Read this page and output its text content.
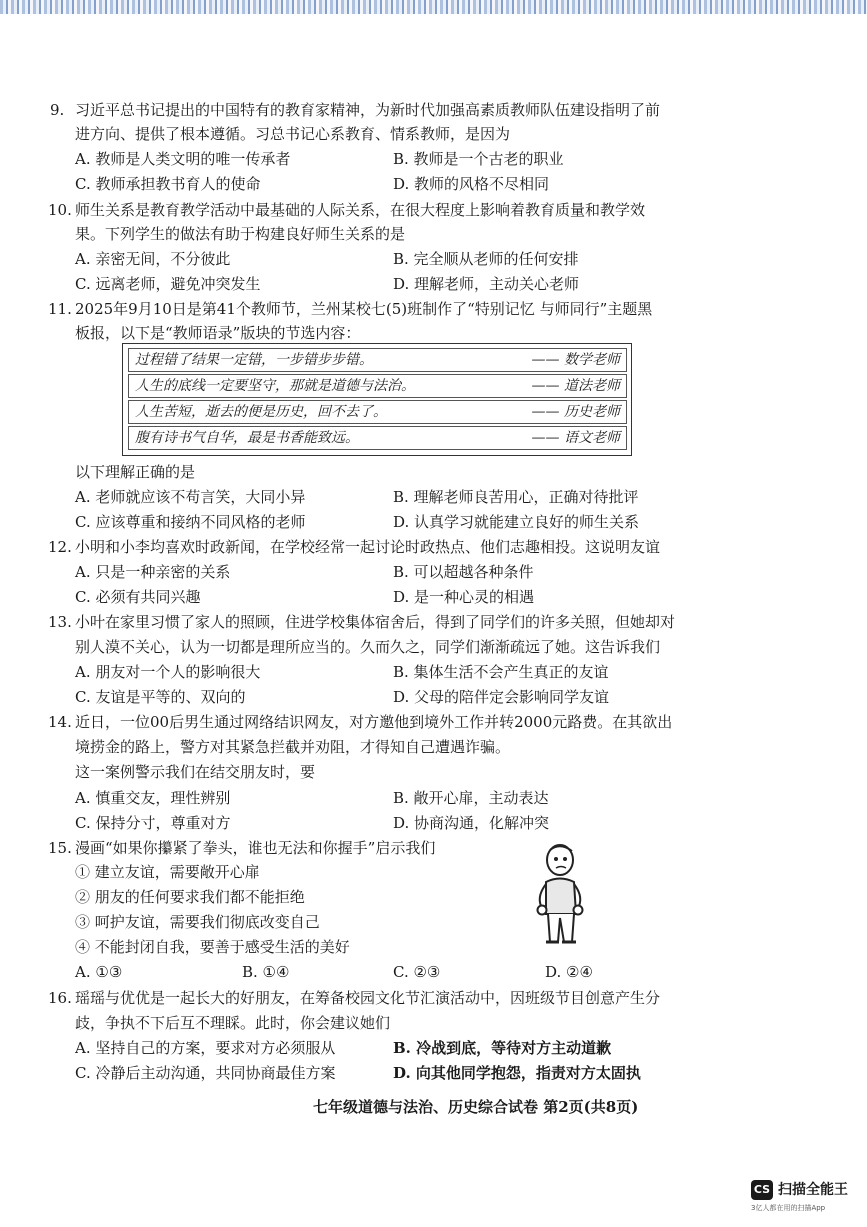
9. 习近平总书记提出的中国特有的教育家精神，为新时代加强高素质教师队伍建设指明了前
进方向、提供了根本遵循。习总书记心系教育、情系教师，是因为
A. 教师是人类文明的唯一传承者	B. 教师是一个古老的职业
C. 教师承担教书育人的使命	D. 教师的风格不尽相同
10. 师生关系是教育教学活动中最基础的人际关系，在很大程度上影响着教育质量和教学效
果。下列学生的做法有助于构建良好师生关系的是
A. 亲密无间，不分彼此	B. 完全顺从老师的任何安排
C. 远离老师，避免冲突发生	D. 理解老师，主动关心老师
11. 2025年9月10日是第41个教师节，兰州某校七(5)班制作了“特别记忆 与师同行”主题黑
板报，以下是“教师语录”版块的节选内容：
过程错了结果一定错，一步错步步错。	—— 数学老师
人生的底线一定要坚守，那就是道德与法治。	—— 道法老师
人生苦短，逝去的便是历史，回不去了。	—— 历史老师
腹有诗书气自华，最是书香能致远。	—— 语文老师
以下理解正确的是
A. 老师就应该不苟言笑，大同小异	B. 理解老师良苦用心，正确对待批评
C. 应该尊重和接纳不同风格的老师	D. 认真学习就能建立良好的师生关系
12. 小明和小李均喜欢时政新闻，在学校经常一起讨论时政热点、他们志趣相投。这说明友谊
A. 只是一种亲密的关系	B. 可以超越各种条件
C. 必须有共同兴趣	D. 是一种心灵的相遇
13. 小叶在家里习惯了家人的照顾，住进学校集体宿舍后，得到了同学们的许多关照，但她却对
别人漠不关心，认为一切都是理所应当的。久而久之，同学们渐渐疏远了她。这告诉我们
A. 朋友对一个人的影响很大	B. 集体生活不会产生真正的友谊
C. 友谊是平等的、双向的	D. 父母的陪伴定会影响同学友谊
14. 近日，一位00后男生通过网络结识网友，对方邀他到境外工作并转2000元路费。在其欲出
境捞金的路上，警方对其紧急拦截并劝阻，才得知自己遭遇诈骗。
这一案例警示我们在结交朋友时，要
A. 慎重交友，理性辨别	B. 敞开心扉，主动表达
C. 保持分寸，尊重对方	D. 协商沟通，化解冲突
15. 漫画“如果你攥紧了拳头，谁也无法和你握手”启示我们
① 建立友谊，需要敞开心扉
② 朋友的任何要求我们都不能拒绝
③ 呵护友谊，需要我们彻底改变自己
④ 不能封闭自我，要善于感受生活的美好
A. ①③	B. ①④	C. ②③	D. ②④
16. 瑶瑶与优优是一起长大的好朋友，在筹备校园文化节汇演活动中，因班级节目创意产生分
歧，争执不下后互不理睬。此时，你会建议她们
A. 坚持自己的方案，要求对方必须服从	B. 冷战到底，等待对方主动道歉
C. 冷静后主动沟通，共同协商最佳方案	D. 向其他同学抱怨，指责对方太固执
七年级道德与法治、历史综合试卷 第2页(共8页)
CS 扫描全能王
3亿人都在用的扫描App
